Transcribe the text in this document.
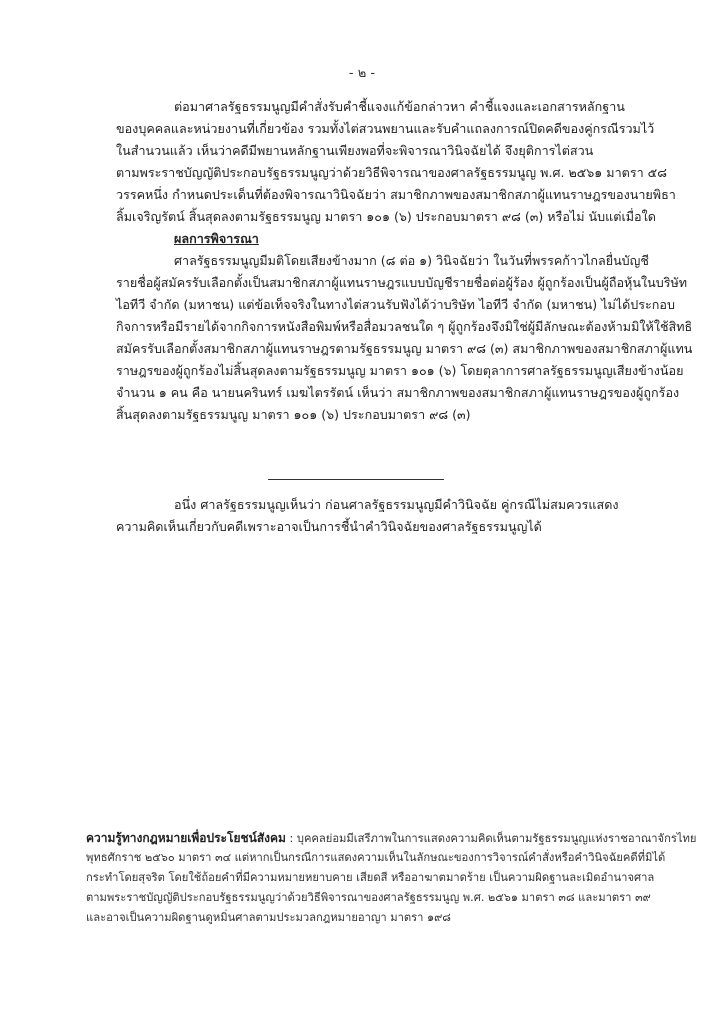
- ๒ -
ต่อมาศาลรัฐธรรมนูญมีคำสั่งรับคำชี้แจงแก้ข้อกล่าวหา คำชี้แจงและเอกสารหลักฐาน
ของบุคคลและหน่วยงานที่เกี่ยวข้อง รวมทั้งไต่สวนพยานและรับคำแถลงการณ์ปิดคดีของคู่กรณีรวมไว้
ในสำนวนแล้ว เห็นว่าคดีมีพยานหลักฐานเพียงพอที่จะพิจารณาวินิจฉัยได้ จึงยุติการไต่สวน
ตามพระราชบัญญัติประกอบรัฐธรรมนูญว่าด้วยวิธีพิจารณาของศาลรัฐธรรมนูญ พ.ศ. ๒๕๖๑ มาตรา ๕๘
วรรคหนึ่ง กำหนดประเด็นที่ต้องพิจารณาวินิจฉัยว่า สมาชิกภาพของสมาชิกสภาผู้แทนราษฎรของนายพิธา
ลิ้มเจริญรัตน์ สิ้นสุดลงตามรัฐธรรมนูญ มาตรา ๑๐๑ (๖) ประกอบมาตรา ๙๘ (๓) หรือไม่ นับแต่เมื่อใด
ผลการพิจารณา
ศาลรัฐธรรมนูญมีมติโดยเสียงข้างมาก (๘ ต่อ ๑) วินิจฉัยว่า ในวันที่พรรคก้าวไกลยื่นบัญชี
รายชื่อผู้สมัครรับเลือกตั้งเป็นสมาชิกสภาผู้แทนราษฎรแบบบัญชีรายชื่อต่อผู้ร้อง ผู้ถูกร้องเป็นผู้ถือหุ้นในบริษัท
ไอทีวี จำกัด (มหาชน) แต่ข้อเท็จจริงในทางไต่สวนรับฟังได้ว่าบริษัท ไอทีวี จำกัด (มหาชน) ไม่ได้ประกอบ
กิจการหรือมีรายได้จากกิจการหนังสือพิมพ์หรือสื่อมวลชนใด ๆ ผู้ถูกร้องจึงมิใช่ผู้มีลักษณะต้องห้ามมิให้ใช้สิทธิ
สมัครรับเลือกตั้งสมาชิกสภาผู้แทนราษฎรตามรัฐธรรมนูญ มาตรา ๙๘ (๓) สมาชิกภาพของสมาชิกสภาผู้แทน
ราษฎรของผู้ถูกร้องไม่สิ้นสุดลงตามรัฐธรรมนูญ มาตรา ๑๐๑ (๖) โดยตุลาการศาลรัฐธรรมนูญเสียงข้างน้อย
จำนวน ๑ คน คือ นายนครินทร์ เมฆไตรรัตน์ เห็นว่า สมาชิกภาพของสมาชิกสภาผู้แทนราษฎรของผู้ถูกร้อง
สิ้นสุดลงตามรัฐธรรมนูญ มาตรา ๑๐๑ (๖) ประกอบมาตรา ๙๘ (๓)
อนึ่ง ศาลรัฐธรรมนูญเห็นว่า ก่อนศาลรัฐธรรมนูญมีคำวินิจฉัย คู่กรณีไม่สมควรแสดง
ความคิดเห็นเกี่ยวกับคดีเพราะอาจเป็นการชี้นำคำวินิจฉัยของศาลรัฐธรรมนูญได้
ความรู้ทางกฎหมายเพื่อประโยชน์สังคม : บุคคลย่อมมีเสรีภาพในการแสดงความคิดเห็นตามรัฐธรรมนูญแห่งราชอาณาจักรไทย
พุทธศักราช ๒๕๖๐ มาตรา ๓๔ แต่หากเป็นกรณีการแสดงความเห็นในลักษณะของการวิจารณ์คำสั่งหรือคำวินิจฉัยคดีที่มิได้
กระทำโดยสุจริต โดยใช้ถ้อยคำที่มีความหมายหยาบคาย เสียดสี หรืออาฆาตมาดร้าย เป็นความผิดฐานละเมิดอำนาจศาล
ตามพระราชบัญญัติประกอบรัฐธรรมนูญว่าด้วยวิธีพิจารณาของศาลรัฐธรรมนูญ พ.ศ. ๒๕๖๑ มาตรา ๓๘ และมาตรา ๓๙
และอาจเป็นความผิดฐานดูหมิ่นศาลตามประมวลกฎหมายอาญา มาตรา ๑๙๘
